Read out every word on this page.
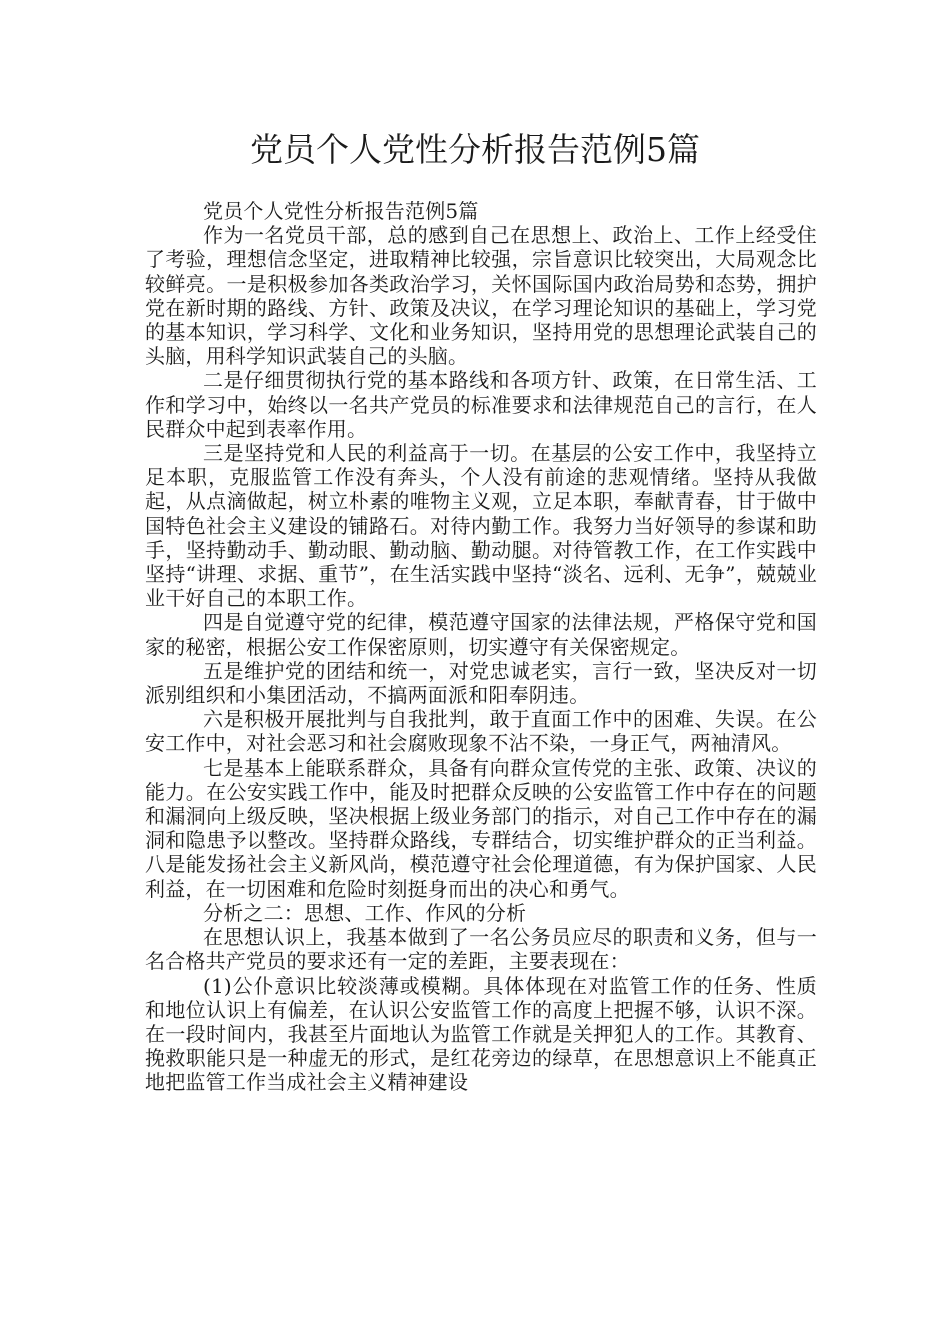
党员个人党性分析报告范例5篇

党员个人党性分析报告范例5篇

作为一名党员干部，总的感到自己在思想上、政治上、工作上经受住了考验，理想信念坚定，进取精神比较强，宗旨意识比较突出，大局观念比较鲜亮。一是积极参加各类政治学习，关怀国际国内政治局势和态势，拥护党在新时期的路线、方针、政策及决议，在学习理论知识的基础上，学习党的基本知识，学习科学、文化和业务知识，坚持用党的思想理论武装自己的头脑，用科学知识武装自己的头脑。

二是仔细贯彻执行党的基本路线和各项方针、政策，在日常生活、工作和学习中，始终以一名共产党员的标准要求和法律规范自己的言行，在人民群众中起到表率作用。

三是坚持党和人民的利益高于一切。在基层的公安工作中，我坚持立足本职，克服监管工作没有奔头，个人没有前途的悲观情绪。坚持从我做起，从点滴做起，树立朴素的唯物主义观，立足本职，奉献青春，甘于做中国特色社会主义建设的铺路石。对待内勤工作。我努力当好领导的参谋和助手，坚持勤动手、勤动眼、勤动脑、勤动腿。对待管教工作，在工作实践中坚持“讲理、求据、重节”，在生活实践中坚持“淡名、远利、无争”，兢兢业业干好自己的本职工作。

四是自觉遵守党的纪律，模范遵守国家的法律法规，严格保守党和国家的秘密，根据公安工作保密原则，切实遵守有关保密规定。

五是维护党的团结和统一，对党忠诚老实，言行一致，坚决反对一切派别组织和小集团活动，不搞两面派和阳奉阴违。

六是积极开展批判与自我批判，敢于直面工作中的困难、失误。在公安工作中，对社会恶习和社会腐败现象不沾不染，一身正气，两袖清风。

七是基本上能联系群众，具备有向群众宣传党的主张、政策、决议的能力。在公安实践工作中，能及时把群众反映的公安监管工作中存在的问题和漏洞向上级反映，坚决根据上级业务部门的指示，对自己工作中存在的漏洞和隐患予以整改。坚持群众路线，专群结合，切实维护群众的正当利益。八是能发扬社会主义新风尚，模范遵守社会伦理道德，有为保护国家、人民利益，在一切困难和危险时刻挺身而出的决心和勇气。

分析之二：思想、工作、作风的分析

在思想认识上，我基本做到了一名公务员应尽的职责和义务，但与一名合格共产党员的要求还有一定的差距，主要表现在：

(1)公仆意识比较淡薄或模糊。具体体现在对监管工作的任务、性质和地位认识上有偏差，在认识公安监管工作的高度上把握不够，认识不深。在一段时间内，我甚至片面地认为监管工作就是关押犯人的工作。其教育、挽救职能只是一种虚无的形式，是红花旁边的绿草，在思想意识上不能真正地把监管工作当成社会主义精神建设
